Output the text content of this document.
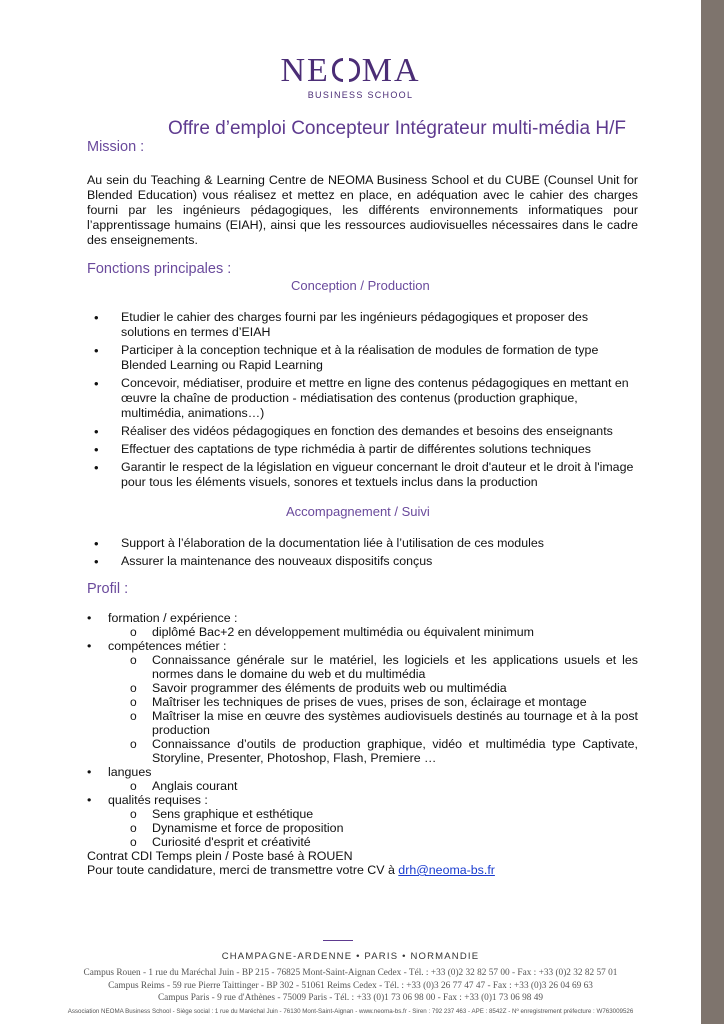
NE MA
BUSINESS SCHOOL
Offre d’emploi Concepteur Intégrateur multi-média H/F
Mission :
Au sein du Teaching & Learning Centre de NEOMA Business School et du CUBE (Counsel Unit for Blended Education) vous réalisez et mettez en place, en adéquation avec le cahier des charges fourni par les ingénieurs pédagogiques, les différents environnements informatiques pour l’apprentissage humains (EIAH), ainsi que les ressources audiovisuelles nécessaires dans le cadre des enseignements.
Fonctions principales :
Conception / Production
• Etudier le cahier des charges fourni par les ingénieurs pédagogiques et proposer des solutions en termes d’EIAH
• Participer à la conception technique et à la réalisation de modules de formation de type Blended Learning ou Rapid Learning
• Concevoir, médiatiser, produire et mettre en ligne des contenus pédagogiques en mettant en œuvre la chaîne de production - médiatisation des contenus (production graphique, multimédia, animations…)
• Réaliser des vidéos pédagogiques en fonction des demandes et besoins des enseignants
• Effectuer des captations de type richmédia à partir de différentes solutions techniques
• Garantir le respect de la législation en vigueur concernant le droit d'auteur et le droit à l'image pour tous les éléments visuels, sonores et textuels inclus dans la production
Accompagnement / Suivi
• Support à l’élaboration de la documentation liée à l’utilisation de ces modules
• Assurer la maintenance des nouveaux dispositifs conçus
Profil :
• formation / expérience :
o diplômé Bac+2 en développement multimédia ou équivalent minimum
• compétences métier :
o Connaissance générale sur le matériel, les logiciels et les applications usuels et les normes dans le domaine du web et du multimédia
o Savoir programmer des éléments de produits web ou multimédia
o Maîtriser les techniques de prises de vues, prises de son, éclairage et montage
o Maîtriser la mise en œuvre des systèmes audiovisuels destinés au tournage et à la post production
o Connaissance d’outils de production graphique, vidéo et multimédia type Captivate, Storyline, Presenter, Photoshop, Flash, Premiere …
• langues
o Anglais courant
• qualités requises :
o Sens graphique et esthétique
o Dynamisme et force de proposition
o Curiosité d'esprit et créativité
Contrat CDI Temps plein / Poste basé à ROUEN
Pour toute candidature, merci de transmettre votre CV à drh@neoma-bs.fr
CHAMPAGNE-ARDENNE • PARIS • NORMANDIE
Campus Rouen - 1 rue du Maréchal Juin - BP 215 - 76825 Mont-Saint-Aignan Cedex - Tél. : +33 (0)2 32 82 57 00 - Fax : +33 (0)2 32 82 57 01
Campus Reims - 59 rue Pierre Taittinger - BP 302 - 51061 Reims Cedex - Tél. : +33 (0)3 26 77 47 47 - Fax : +33 (0)3 26 04 69 63
Campus Paris - 9 rue d'Athènes - 75009 Paris - Tél. : +33 (0)1 73 06 98 00 - Fax : +33 (0)1 73 06 98 49
Association NEOMA Business School - Siège social : 1 rue du Maréchal Juin - 76130 Mont-Saint-Aignan - www.neoma-bs.fr - Siren : 792 237 463 - APE : 8542Z - Nº enregistrement préfecture : W763009526
